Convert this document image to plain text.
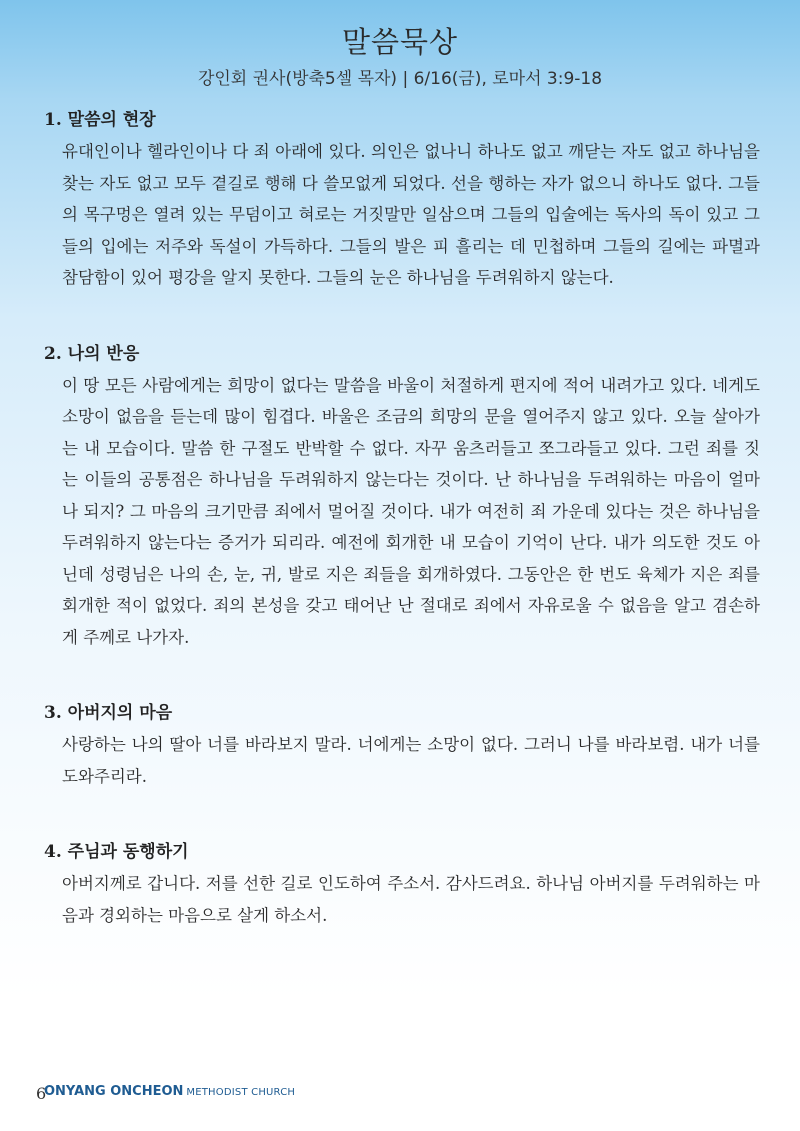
말씀묵상
강인회 권사(방축5셀 목자) | 6/16(금), 로마서 3:9-18
1. 말씀의 현장
유대인이나 헬라인이나 다 죄 아래에 있다. 의인은 없나니 하나도 없고 깨닫는 자도 없고 하나님을 찾는 자도 없고 모두 곁길로 행해 다 쓸모없게 되었다. 선을 행하는 자가 없으니 하나도 없다. 그들의 목구멍은 열려 있는 무덤이고 혀로는 거짓말만 일삼으며 그들의 입술에는 독사의 독이 있고 그들의 입에는 저주와 독설이 가득하다. 그들의 발은 피 흘리는 데 민첩하며 그들의 길에는 파멸과 참담함이 있어 평강을 알지 못한다. 그들의 눈은 하나님을 두려워하지 않는다.
2. 나의 반응
이 땅 모든 사람에게는 희망이 없다는 말씀을 바울이 처절하게 편지에 적어 내려가고 있다. 네게도 소망이 없음을 듣는데 많이 힘겹다. 바울은 조금의 희망의 문을 열어주지 않고 있다. 오늘 살아가는 내 모습이다. 말씀 한 구절도 반박할 수 없다. 자꾸 움츠러들고 쪼그라들고 있다. 그런 죄를 짓는 이들의 공통점은 하나님을 두려워하지 않는다는 것이다. 난 하나님을 두려워하는 마음이 얼마나 되지? 그 마음의 크기만큼 죄에서 멀어질 것이다. 내가 여전히 죄 가운데 있다는 것은 하나님을 두려워하지 않는다는 증거가 되리라. 예전에 회개한 내 모습이 기억이 난다. 내가 의도한 것도 아닌데 성령님은 나의 손, 눈, 귀, 발로 지은 죄들을 회개하였다. 그동안은 한 번도 육체가 지은 죄를 회개한 적이 없었다. 죄의 본성을 갖고 태어난 난 절대로 죄에서 자유로울 수 없음을 알고 겸손하게 주께로 나가자.
3. 아버지의 마음
사랑하는 나의 딸아 너를 바라보지 말라. 너에게는 소망이 없다. 그러니 나를 바라보렴. 내가 너를 도와주리라.
4. 주님과 동행하기
아버지께로 갑니다. 저를 선한 길로 인도하여 주소서. 감사드려요. 하나님 아버지를 두려워하는 마음과 경외하는 마음으로 살게 하소서.
6
ONYANG ONCHEON METHODIST CHURCH
